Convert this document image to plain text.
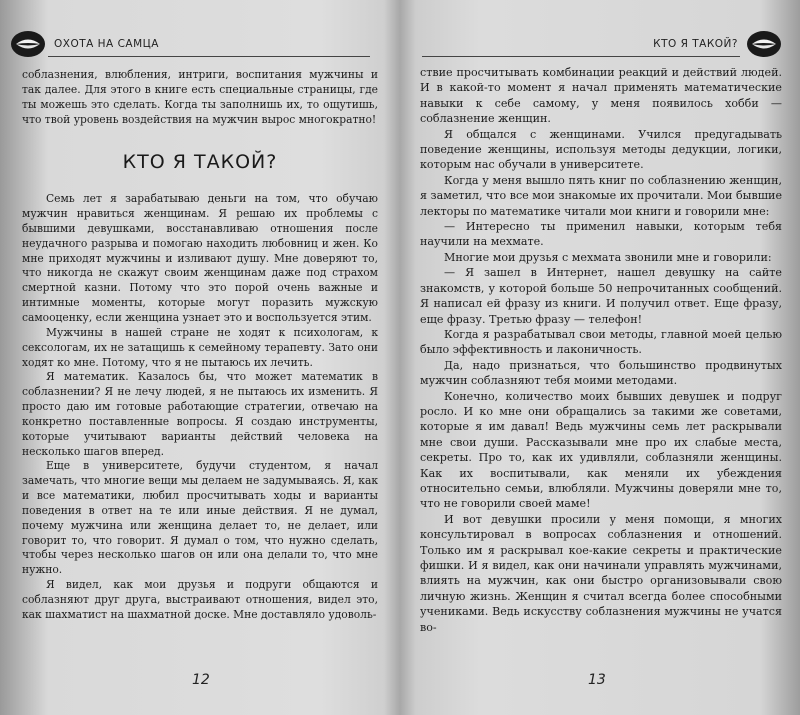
ОХОТА НА САМЦА

соблазнения, влюбления, интриги, воспитания мужчины и так далее. Для этого в книге есть специальные страницы, где ты можешь это сделать. Когда ты заполнишь их, то ощутишь, что твой уровень воздействия на мужчин вырос многократно!

КТО Я ТАКОЙ?

Семь лет я зарабатываю деньги на том, что обучаю мужчин нравиться женщинам. Я решаю их проблемы с бывшими девушками, восстанавливаю отношения после неудачного разрыва и помогаю находить любовниц и жен. Ко мне приходят мужчины и изливают душу. Мне доверяют то, что никогда не скажут своим женщинам даже под страхом смертной казни. Потому что это порой очень важные и интимные моменты, которые могут поразить мужскую самооценку, если женщина узнает это и воспользуется этим.

Мужчины в нашей стране не ходят к психологам, к сексологам, их не затащишь к семейному терапевту. Зато они ходят ко мне. Потому, что я не пытаюсь их лечить.

Я математик. Казалось бы, что может математик в соблазнении? Я не лечу людей, я не пытаюсь их изменить. Я просто даю им готовые работающие стратегии, отвечаю на конкретно поставленные вопросы. Я создаю инструменты, которые учитывают варианты действий человека на несколько шагов вперед.

Еще в университете, будучи студентом, я начал замечать, что многие вещи мы делаем не задумываясь. Я, как и все математики, любил просчитывать ходы и варианты поведения в ответ на те или иные действия. Я не думал, почему мужчина или женщина делает то, не делает, или говорит то, что говорит. Я думал о том, что нужно сделать, чтобы через несколько шагов он или она делали то, что мне нужно.

Я видел, как мои друзья и подруги общаются и соблазняют друг друга, выстраивают отношения, видел это, как шахматист на шахматной доске. Мне доставляло удоволь-

12
КТО Я ТАКОЙ?

ствие просчитывать комбинации реакций и действий людей. И в какой-то момент я начал применять математические навыки к себе самому, у меня появилось хобби — соблазнение женщин.

Я общался с женщинами. Учился предугадывать поведение женщины, используя методы дедукции, логики, которым нас обучали в университете.

Когда у меня вышло пять книг по соблазнению женщин, я заметил, что все мои знакомые их прочитали. Мои бывшие лекторы по математике читали мои книги и говорили мне:

— Интересно ты применил навыки, которым тебя научили на мехмате.

Многие мои друзья с мехмата звонили мне и говорили:

— Я зашел в Интернет, нашел девушку на сайте знакомств, у которой больше 50 непрочитанных сообщений. Я написал ей фразу из книги. И получил ответ. Еще фразу, еще фразу. Третью фразу — телефон!

Когда я разрабатывал свои методы, главной моей целью было эффективность и лаконичность.

Да, надо признаться, что большинство продвинутых мужчин соблазняют тебя моими методами.

Конечно, количество моих бывших девушек и подруг росло. И ко мне они обращались за такими же советами, которые я им давал! Ведь мужчины семь лет раскрывали мне свои души. Рассказывали мне про их слабые места, секреты. Про то, как их удивляли, соблазняли женщины. Как их воспитывали, как меняли их убеждения относительно семьи, влюбляли. Мужчины доверяли мне то, что не говорили своей маме!

И вот девушки просили у меня помощи, я многих консультировал в вопросах соблазнения и отношений. Только им я раскрывал кое-какие секреты и практические фишки. И я видел, как они начинали управлять мужчинами, влиять на мужчин, как они быстро организовывали свою личную жизнь. Женщин я считал всегда более способными учениками. Ведь искусству соблазнения мужчины не учатся во-

13
